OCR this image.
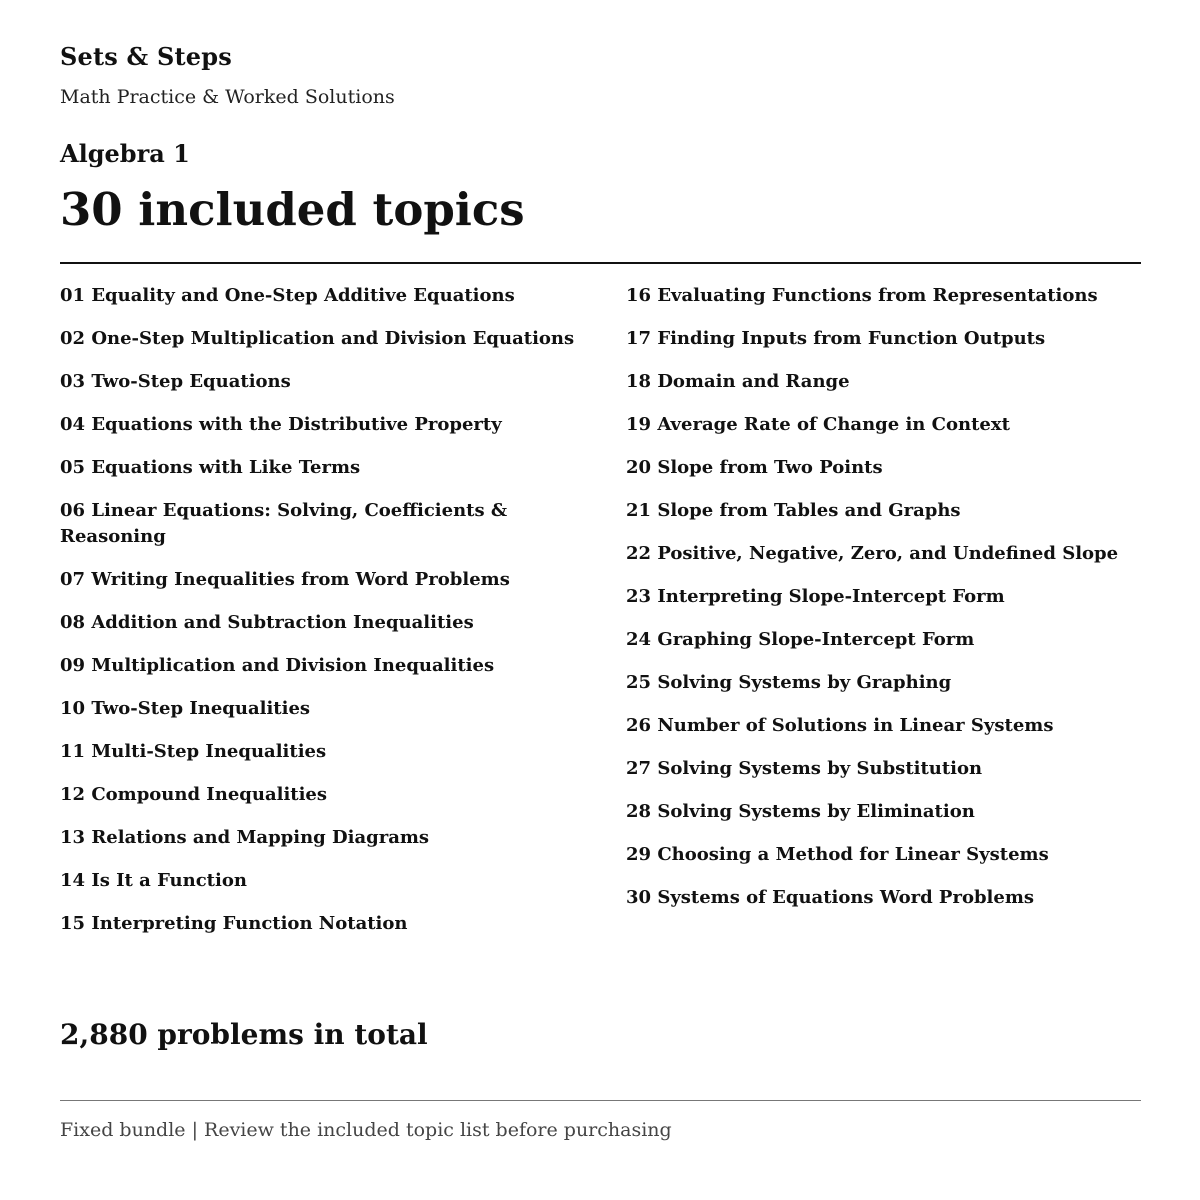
Sets & Steps
Math Practice & Worked Solutions
Algebra 1
30 included topics
01 Equality and One-Step Additive Equations
02 One-Step Multiplication and Division Equations
03 Two-Step Equations
04 Equations with the Distributive Property
05 Equations with Like Terms
06 Linear Equations: Solving, Coefficients & Reasoning
07 Writing Inequalities from Word Problems
08 Addition and Subtraction Inequalities
09 Multiplication and Division Inequalities
10 Two-Step Inequalities
11 Multi-Step Inequalities
12 Compound Inequalities
13 Relations and Mapping Diagrams
14 Is It a Function
15 Interpreting Function Notation
16 Evaluating Functions from Representations
17 Finding Inputs from Function Outputs
18 Domain and Range
19 Average Rate of Change in Context
20 Slope from Two Points
21 Slope from Tables and Graphs
22 Positive, Negative, Zero, and Undefined Slope
23 Interpreting Slope-Intercept Form
24 Graphing Slope-Intercept Form
25 Solving Systems by Graphing
26 Number of Solutions in Linear Systems
27 Solving Systems by Substitution
28 Solving Systems by Elimination
29 Choosing a Method for Linear Systems
30 Systems of Equations Word Problems
2,880 problems in total
Fixed bundle | Review the included topic list before purchasing
